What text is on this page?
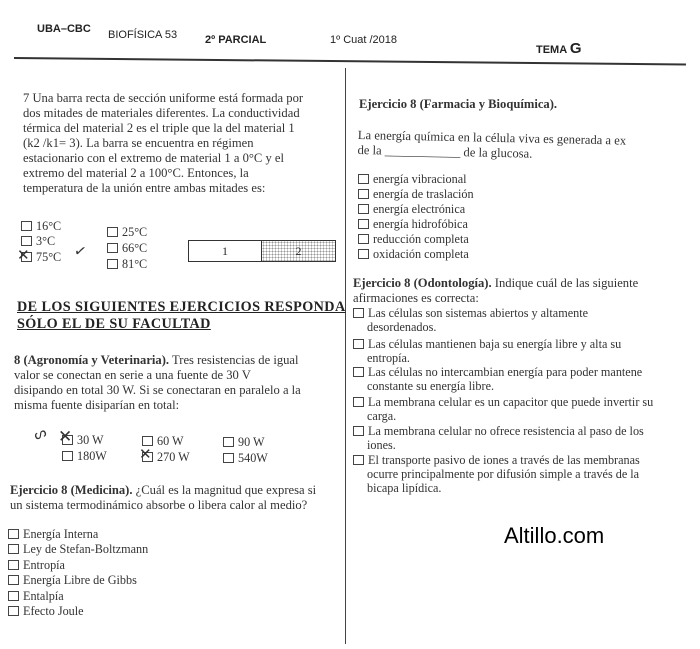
UBA–CBC BIOFÍSICA 53	2º PARCIAL	1º Cuat /2018
TEMA G
7 Una barra recta de sección uniforme está formada por
dos mitades de materiales diferentes. La conductividad
térmica del material 2 es el triple que la del material 1
(k2 /k1= 3). La barra se encuentra en régimen
estacionario con el extremo de material 1 a 0°C y el
extremo del material 2 a 100°C. Entonces, la
temperatura de la unión entre ambas mitades es:
16°C	25°C
3°C	66°C
75°C	81°C
✕	✓	1	2
DE LOS SIGUIENTES EJERCICIOS RESPONDA
SÓLO EL DE SU FACULTAD
8 (Agronomía y Veterinaria). Tres resistencias de igual
valor se conectan en serie a una fuente de 30 V
disipando en total 30 W. Si se conectaran en paralelo a la
misma fuente disiparían en total:
30 W	60 W	90 W
180W	270 W	540W
✕
✕
ᔕ
Ejercicio 8 (Medicina). ¿Cuál es la magnitud que expresa si
un sistema termodinámico absorbe o libera calor al medio?
Energía Interna
Ley de Stefan-Boltzmann
Entropía
Energía Libre de Gibbs
Entalpía
Efecto Joule
Ejercicio 8 (Farmacia y Bioquímica).
La energía química en la célula viva es generada a ex
de la ____________ de la glucosa.
energía vibracional
energía de traslación
energía electrónica
energía hidrofóbica
reducción completa
oxidación completa
Ejercicio 8 (Odontología). Indique cuál de las siguiente
afirmaciones es correcta:
Las células son sistemas abiertos y altamente
desordenados.
Las células mantienen baja su energía libre y alta su
entropía.
Las células no intercambian energía para poder mantene
constante su energía libre.
La membrana celular es un capacitor que puede invertir su
carga.
La membrana celular no ofrece resistencia al paso de los
iones.
El transporte pasivo de iones a través de las membranas
ocurre principalmente por difusión simple a través de la
bicapa lipídica.
Altillo.com
